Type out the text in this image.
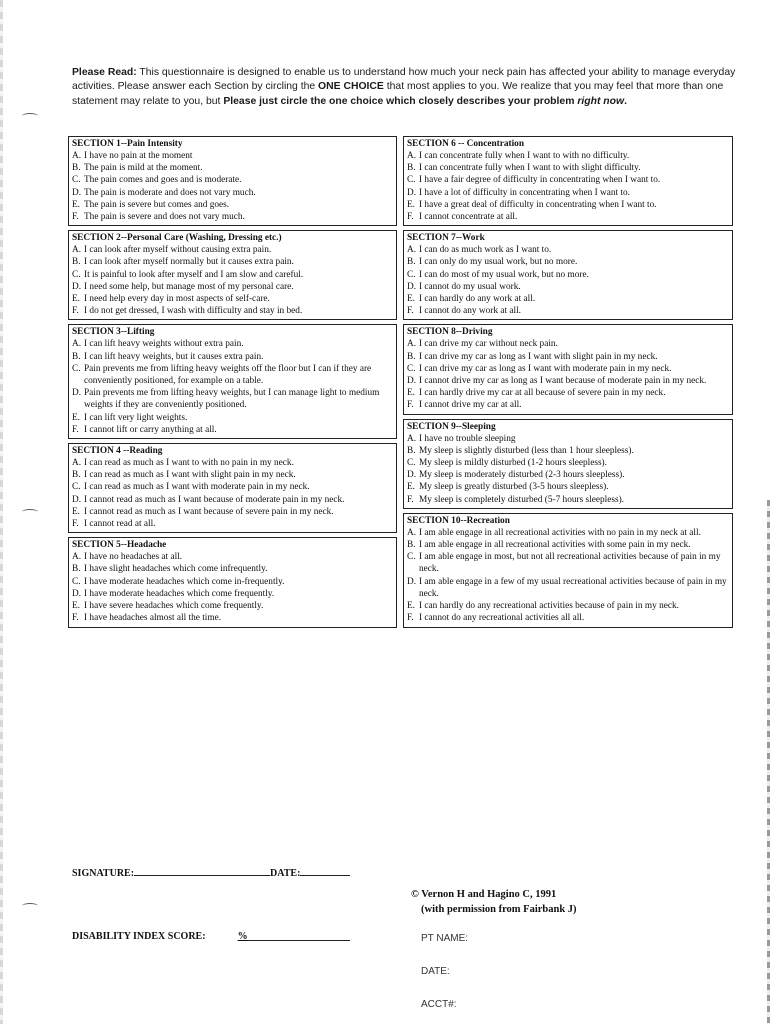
Please Read: This questionnaire is designed to enable us to understand how much your neck pain has affected your ability to manage everyday activities. Please answer each Section by circling the ONE CHOICE that most applies to you. We realize that you may feel that more than one statement may relate to you, but Please just circle the one choice which closely describes your problem right now.

SECTION 1--Pain Intensity
A. I have no pain at the moment
B. The pain is mild at the moment.
C. The pain comes and goes and is moderate.
D. The pain is moderate and does not vary much.
E. The pain is severe but comes and goes.
F. The pain is severe and does not vary much.
SECTION 2--Personal Care (Washing, Dressing etc.)
A. I can look after myself without causing extra pain.
B. I can look after myself normally but it causes extra pain.
C. It is painful to look after myself and I am slow and careful.
D. I need some help, but manage most of my personal care.
E. I need help every day in most aspects of self-care.
F. I do not get dressed, I wash with difficulty and stay in bed.
SECTION 3--Lifting
A. I can lift heavy weights without extra pain.
B. I can lift heavy weights, but it causes extra pain.
C. Pain prevents me from lifting heavy weights off the floor but I can if they are conveniently positioned, for example on a table.
D. Pain prevents me from lifting heavy weights, but I can manage light to medium weights if they are conveniently positioned.
E. I can lift very light weights.
F. I cannot lift or carry anything at all.
SECTION 4 --Reading
A. I can read as much as I want to with no pain in my neck.
B. I can read as much as I want with slight pain in my neck.
C. I can read as much as I want with moderate pain in my neck.
D. I cannot read as much as I want because of moderate pain in my neck.
E. I cannot read as much as I want because of severe pain in my neck.
F. I cannot read at all.
SECTION 5--Headache
A. I have no headaches at all.
B. I have slight headaches which come infrequently.
C. I have moderate headaches which come in-frequently.
D. I have moderate headaches which come frequently.
E. I have severe headaches which come frequently.
F. I have headaches almost all the time.
SECTION 6 -- Concentration
A. I can concentrate fully when I want to with no difficulty.
B. I can concentrate fully when I want to with slight difficulty.
C. I have a fair degree of difficulty in concentrating when I want to.
D. I have a lot of difficulty in concentrating when I want to.
E. I have a great deal of difficulty in concentrating when I want to.
F. I cannot concentrate at all.
SECTION 7--Work
A. I can do as much work as I want to.
B. I can only do my usual work, but no more.
C. I can do most of my usual work, but no more.
D. I cannot do my usual work.
E. I can hardly do any work at all.
F. I cannot do any work at all.
SECTION 8--Driving
A. I can drive my car without neck pain.
B. I can drive my car as long as I want with slight pain in my neck.
C. I can drive my car as long as I want with moderate pain in my neck.
D. I cannot drive my car as long as I want because of moderate pain in my neck.
E. I can hardly drive my car at all because of severe pain in my neck.
F. I cannot drive my car at all.
SECTION 9--Sleeping
A. I have no trouble sleeping
B. My sleep is slightly disturbed (less than 1 hour sleepless).
C. My sleep is mildly disturbed (1-2 hours sleepless).
D. My sleep is moderately disturbed (2-3 hours sleepless).
E. My sleep is greatly disturbed (3-5 hours sleepless).
F. My sleep is completely disturbed (5-7 hours sleepless).
SECTION 10--Recreation
A. I am able engage in all recreational activities with no pain in my neck at all.
B. I am able engage in all recreational activities with some pain in my neck.
C. I am able engage in most, but not all recreational activities because of pain in my neck.
D. I am able engage in a few of my usual recreational activities because of pain in my neck.
E. I can hardly do any recreational activities because of pain in my neck.
F. I cannot do any recreational activities all all.
SIGNATURE:	DATE:
DISABILITY INDEX SCORE:	%
© Vernon H and Hagino C, 1991
(with permission from Fairbank J)
PT NAME:
DATE:
ACCT#:
